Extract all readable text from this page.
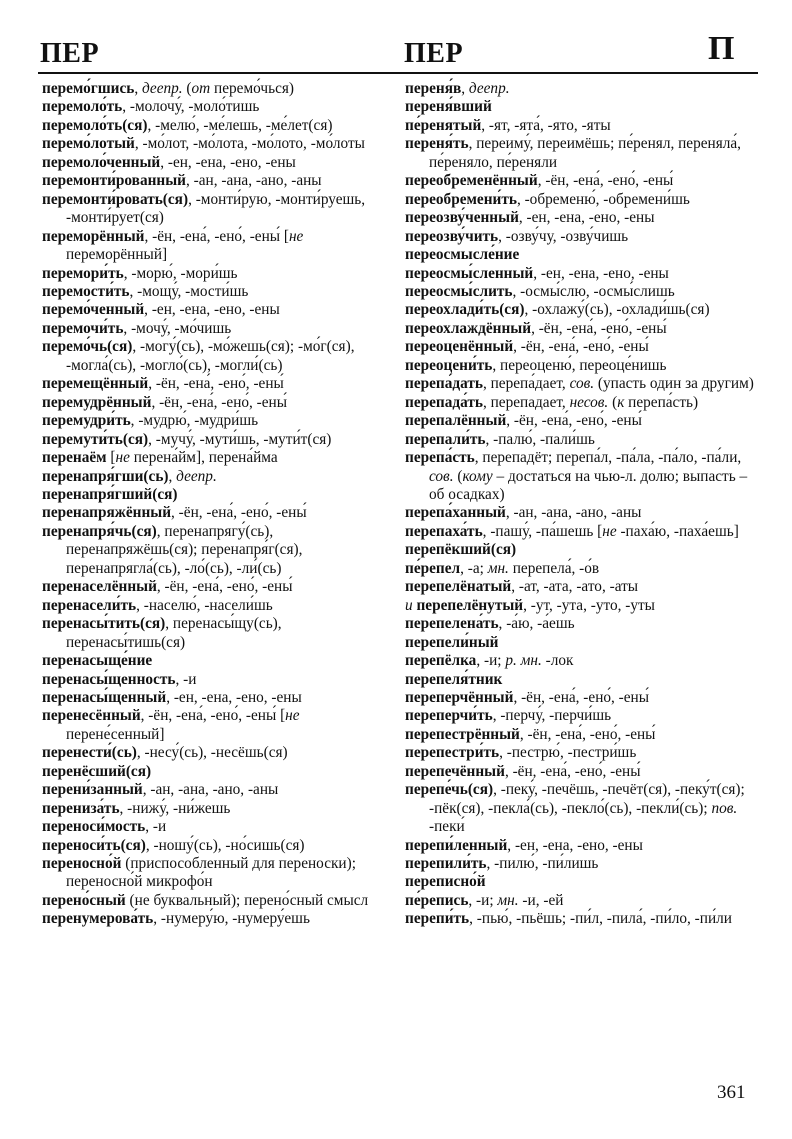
ПЕР	ПЕР	П
перемо́гшись, деепр. (от перемо́чься)
перемоло́ть, -молочу́, -моло́тишь
перемоло́ть(ся), -мелю́, -ме́лешь, -ме́лет(ся)
перемо́лотый, -мо́лот, -мо́лота, -мо́лото, -мо́лоты
перемоло́ченный, -ен, -ена, -ено, -ены
перемонти́рованный, -ан, -ана, -ано, -аны
перемонти́ровать(ся), -монти́рую, -монти́руешь, -монти́рует(ся)
переморённый, -ён, -ена́, -ено́, -ены́ [не переморённый]
перемори́ть, -морю́, -мори́шь
перемости́ть, -мощу́, -мости́шь
перемо́ченный, -ен, -ена, -ено, -ены
перемочи́ть, -мочу́, -мо́чишь
перемо́чь(ся), -могу́(сь), -мо́жешь(ся); -мо́г(ся), -могла́(сь), -могло́(сь), -могли́(сь)
перемещённый, -ён, -ена́, -ено́, -ены́
перемудрённый, -ён, -ена́, -ено́, -ены́
перемудри́ть, -мудрю́, -мудри́шь
перемути́ть(ся), -мучу́, -мути́шь, -мути́т(ся)
перенаём [не перена́йм], перена́йма
перенапря́гши(сь), деепр.
перенапря́гший(ся)
перенапряжённый, -ён, -ена́, -ено́, -ены́
перенапря́чь(ся), перенапрягу́(сь), перенапряжёшь(ся); перенапря́г(ся), перенапрягла́(сь), -ло́(сь), -ли́(сь)
перенаселённый, -ён, -ена́, -ено́, -ены́
перенасели́ть, -населю́, -насели́шь
перенасы́тить(ся), перенасы́щу(сь), перенасы́тишь(ся)
перенасыще́ние
перенасы́щенность, -и
перенасы́щенный, -ен, -ена, -ено, -ены
перенесённый, -ён, -ена́, -ено́, -ены́ [не перене́сенный]
перенести́(сь), -несу́(сь), -несёшь(ся)
перенёсший(ся)
перени́занный, -ан, -ана, -ано, -аны
перениза́ть, -нижу́, -ни́жешь
переноси́мость, -и
переноси́ть(ся), -ношу́(сь), -но́сишь(ся)
переносно́й (приспособленный для переноски); переносно́й микрофо́н
перено́сный (не буквальный); перено́сный смысл
перенумерова́ть, -нумеру́ю, -нумеру́ешь
переня́в, деепр.
переня́вший
пе́ренятый, -ят, -ята́, -ято, -яты
переня́ть, переиму́, переимёшь; пе́ренял, переняла́, пе́реняло, пе́реняли
переобременённый, -ён, -ена́, -ено́, -ены́
переобремени́ть, -обременю́, -обремени́шь
переозву́ченный, -ен, -ена, -ено, -ены
переозву́чить, -озву́чу, -озву́чишь
переосмысле́ние
переосмы́сленный, -ен, -ена, -ено, -ены
переосмы́слить, -осмы́слю, -осмы́слишь
переохлади́ть(ся), -охлажу́(сь), -охлади́шь(ся)
переохлаждённый, -ён, -ена́, -ено́, -ены́
переоценённый, -ён, -ена́, -ено́, -ены́
переоцени́ть, переоценю́, переоце́нишь
перепа́дать, перепа́дает, сов. (упасть один за другим)
перепада́ть, перепадает, несов. (к перепа́сть)
перепалённый, -ён, -ена́, -ено́, -ены́
перепали́ть, -палю́, -пали́шь
перепа́сть, перепадёт; перепа́л, -па́ла, -па́ло, -па́ли, сов. (кому – достаться на чью-л. долю; выпасть – об осадках)
перепа́ханный, -ан, -ана, -ано, -аны
перепаха́ть, -пашу́, -па́шешь [не -паха́ю, -паха́ешь]
перепёкший(ся)
пе́репел, -а; мн. перепела́, -о́в
перепелёнатый, -ат, -ата, -ато, -аты
и перепелёнутый, -ут, -ута, -уто, -уты
перепелена́ть, -а́ю, -а́ешь
перепели́ный
перепёлка, -и; р. мн. -лок
перепеля́тник
переперчённый, -ён, -ена́, -ено́, -ены́
переперчи́ть, -перчу́, -перчи́шь
перепестрённый, -ён, -ена́, -ено́, -ены́
перепестри́ть, -пестрю́, -пестри́шь
перепечённый, -ён, -ена́, -ено́, -ены́
перепе́чь(ся), -пеку́, -печёшь, -печёт(ся), -пеку́т(ся); -пёк(ся), -пекла́(сь), -пекло́(сь), -пекли́(сь); пов. -пеки́
перепи́ленный, -ен, -ена, -ено, -ены
перепили́ть, -пилю́, -пи́лишь
переписно́й
пе́репись, -и; мн. -и, -ей
перепи́ть, -пью́, -пьёшь; -пи́л, -пила́, -пи́ло, -пи́ли
361
